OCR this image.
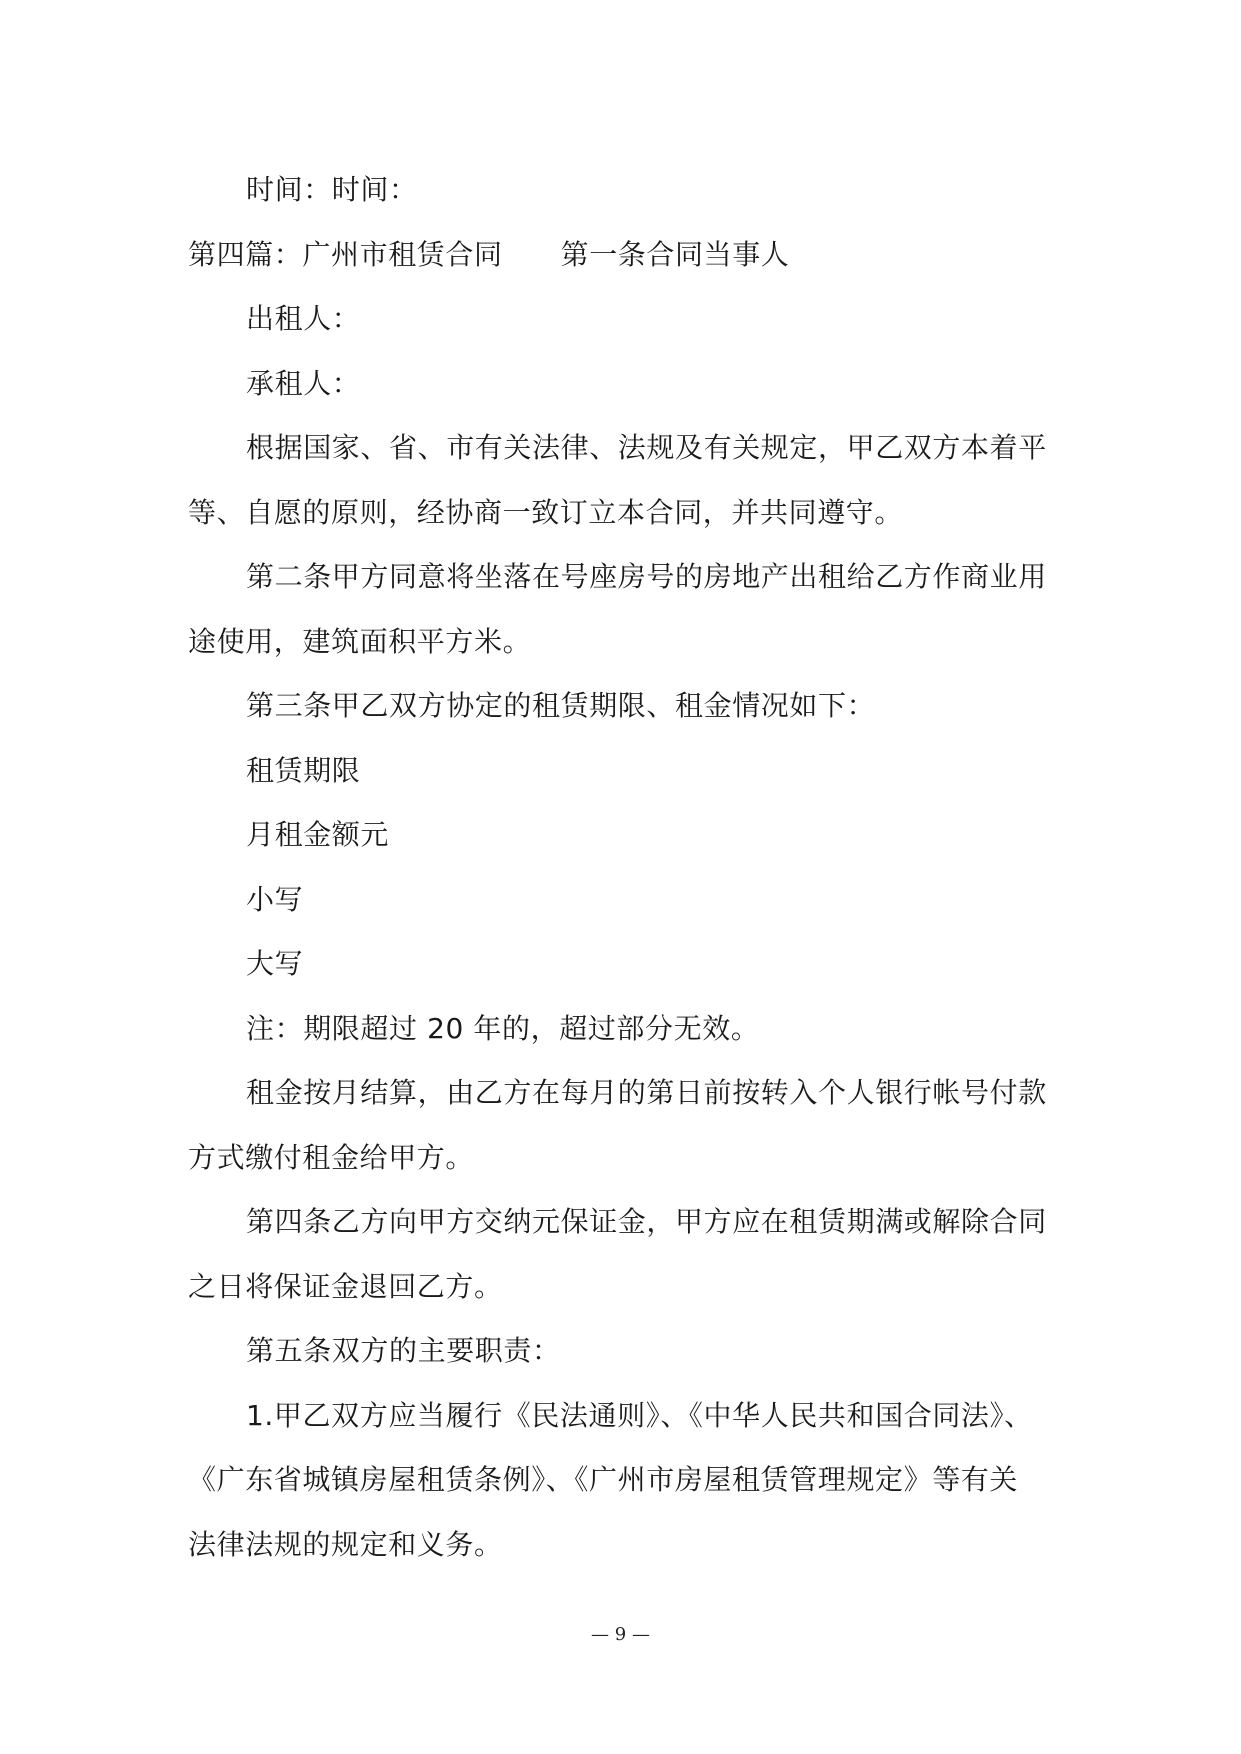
时间：时间：
第四篇：广州市租赁合同 第一条合同当事人
出租人：
承租人：
根据国家、省、市有关法律、法规及有关规定，甲乙双方本着平
等、自愿的原则，经协商一致订立本合同，并共同遵守。
第二条甲方同意将坐落在号座房号的房地产出租给乙方作商业用
途使用，建筑面积平方米。
第三条甲乙双方协定的租赁期限、租金情况如下：
租赁期限
月租金额元
小写
大写
注：期限超过 20 年的，超过部分无效。
租金按月结算，由乙方在每月的第日前按转入个人银行帐号付款
方式缴付租金给甲方。
第四条乙方向甲方交纳元保证金，甲方应在租赁期满或解除合同
之日将保证金退回乙方。
第五条双方的主要职责：
1.甲乙双方应当履行《民法通则》、《中华人民共和国合同法》、
《广东省城镇房屋租赁条例》、《广州市房屋租赁管理规定》等有关
法律法规的规定和义务。
— 9 —
